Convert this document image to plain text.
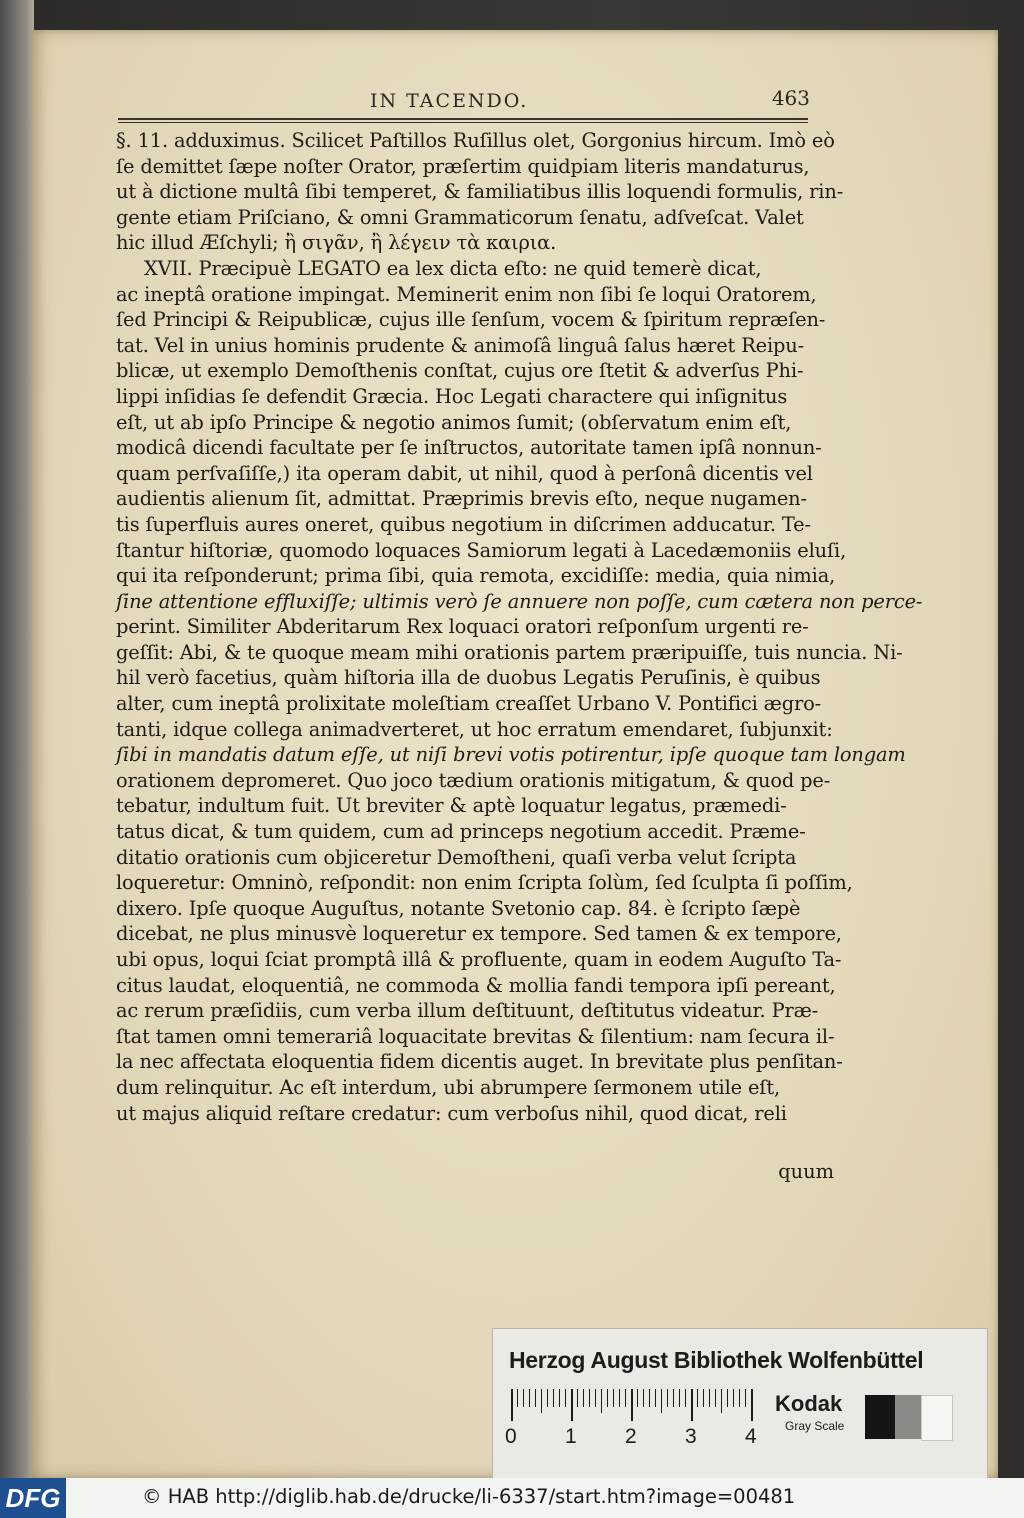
IN TACENDO.	463
§. 11. adduximus. Scilicet Paſtillos Ruſillus olet, Gorgonius hircum. Imò eò
ſe demittet ſæpe noſter Orator, præſertim quidpiam literis mandaturus,
ut à dictione multâ ſibi temperet, & familiatibus illis loquendi formulis, rin-
gente etiam Priſciano, & omni Grammaticorum ſenatu, adſveſcat. Valet
hic illud Æſchyli; ἢ σιγᾶν, ἢ λέγειν τὰ καιρια.
XVII. Præcipuè LEGATO ea lex dicta eſto: ne quid temerè dicat,
ac ineptâ oratione impingat. Meminerit enim non ſibi ſe loqui Oratorem,
ſed Principi & Reipublicæ, cujus ille ſenſum, vocem & ſpiritum repræſen-
tat. Vel in unius hominis prudente & animoſâ linguâ ſalus hæret Reipu-
blicæ, ut exemplo Demoſthenis conſtat, cujus ore ſtetit & adverſus Phi-
lippi inſidias ſe defendit Græcia. Hoc Legati charactere qui inſignitus
eſt, ut ab ipſo Principe & negotio animos ſumit; (obſervatum enim eſt,
modicâ dicendi facultate per ſe inſtructos, autoritate tamen ipſâ nonnun-
quam perſvaſiſſe,) ita operam dabit, ut nihil, quod à perſonâ dicentis vel
audientis alienum ſit, admittat. Præprimis brevis eſto, neque nugamen-
tis ſuperfluis aures oneret, quibus negotium in diſcrimen adducatur. Te-
ſtantur hiſtoriæ, quomodo loquaces Samiorum legati à Lacedæmoniis eluſi,
qui ita reſponderunt; prima ſibi, quia remota, excidiſſe: media, quia nimia,
ſine attentione effluxiſſe; ultimis verò ſe annuere non poſſe, cum cætera non perce-
perint. Similiter Abderitarum Rex loquaci oratori reſponſum urgenti re-
geſſit: Abi, & te quoque meam mihi orationis partem præripuiſſe, tuis nuncia. Ni-
hil verò facetius, quàm hiſtoria illa de duobus Legatis Peruſinis, è quibus
alter, cum ineptâ prolixitate moleſtiam creaſſet Urbano V. Pontifici ægro-
tanti, idque collega animadverteret, ut hoc erratum emendaret, ſubjunxit:
ſibi in mandatis datum eſſe, ut niſi brevi votis potirentur, ipſe quoque tam longam
orationem depromeret. Quo joco tædium orationis mitigatum, & quod pe-
tebatur, indultum fuit. Ut breviter & aptè loquatur legatus, præmedi-
tatus dicat, & tum quidem, cum ad princeps negotium accedit. Præme-
ditatio orationis cum objiceretur Demoſtheni, quaſi verba velut ſcripta
loqueretur: Omninò, reſpondit: non enim ſcripta ſolùm, ſed ſculpta ſi poſſim,
dixero. Ipſe quoque Auguſtus, notante Svetonio cap. 84. è ſcripto ſæpè
dicebat, ne plus minusvè loqueretur ex tempore. Sed tamen & ex tempore,
ubi opus, loqui ſciat promptâ illâ & profluente, quam in eodem Auguſto Ta-
citus laudat, eloquentiâ, ne commoda & mollia fandi tempora ipſi pereant,
ac rerum præſidiis, cum verba illum deſtituunt, deſtitutus videatur. Præ-
ſtat tamen omni temerariâ loquacitate brevitas & ſilentium: nam ſecura il-
la nec affectata eloquentia fidem dicentis auget. In brevitate plus penſitan-
dum relinquitur. Ac eſt interdum, ubi abrumpere ſermonem utile eſt,
ut majus aliquid reſtare credatur: cum verboſus nihil, quod dicat, reli
quum
Herzog August Bibliothek Wolfenbüttel
0 1 2 3 4
Kodak
Gray Scale
DFG	© HAB http://diglib.hab.de/drucke/li-6337/start.htm?image=00481
